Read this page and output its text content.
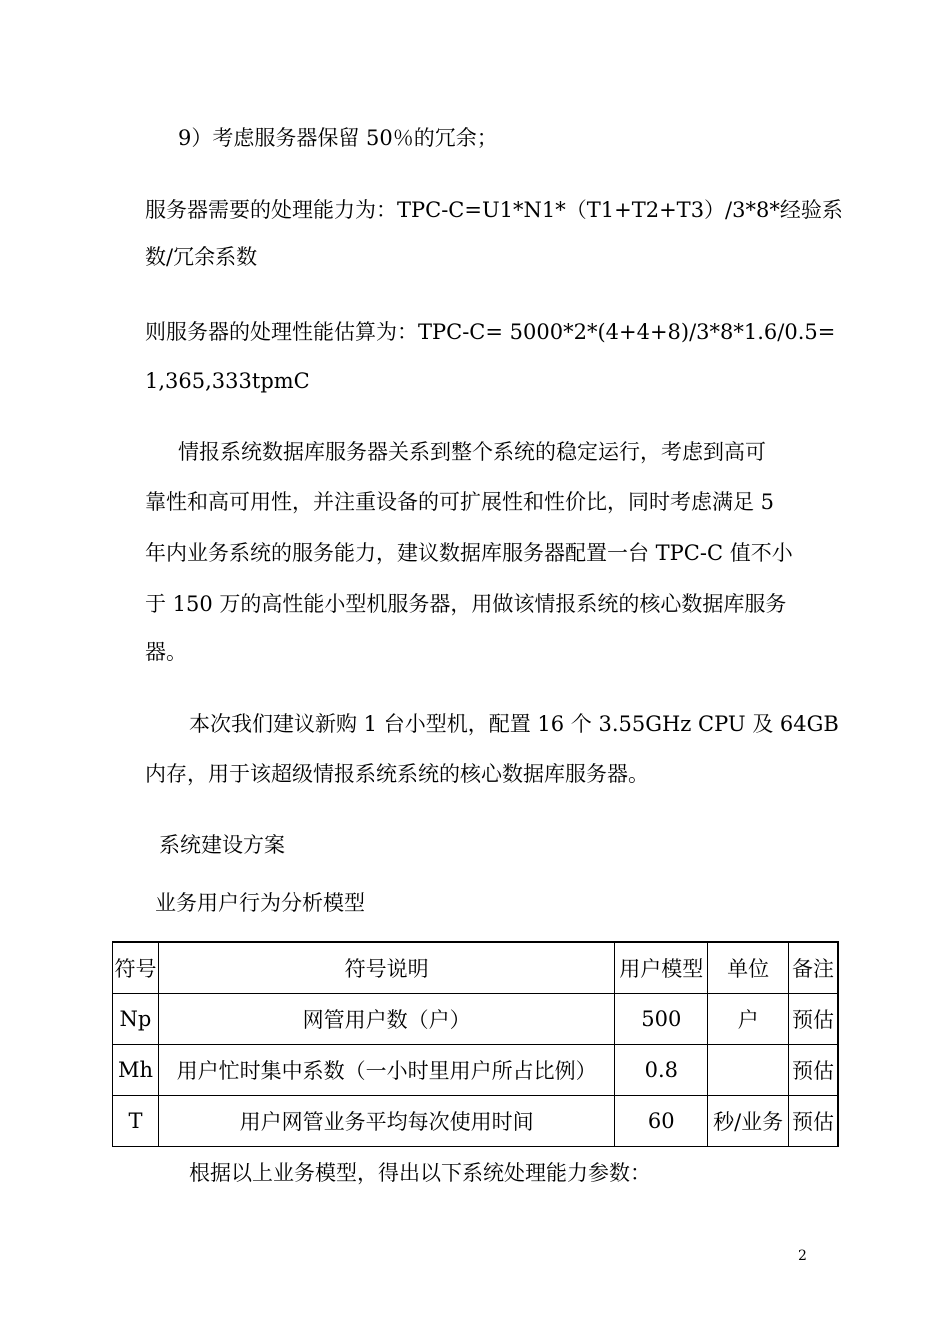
9）考虑服务器保留 50％的冗余；
服务器需要的处理能力为：TPC-C=U1*N1*（T1+T2+T3）/3*8*经验系
数/冗余系数
则服务器的处理性能估算为：TPC-C= 5000*2*(4+4+8)/3*8*1.6/0.5=
1,365,333tpmC
情报系统数据库服务器关系到整个系统的稳定运行，考虑到高可
靠性和高可用性，并注重设备的可扩展性和性价比，同时考虑满足 5
年内业务系统的服务能力，建议数据库服务器配置一台 TPC-C 值不小
于 150 万的高性能小型机服务器，用做该情报系统的核心数据库服务
器。
本次我们建议新购 1 台小型机，配置 16 个 3.55GHz CPU 及 64GB
内存，用于该超级情报系统系统的核心数据库服务器。
系统建设方案
业务用户行为分析模型
符号	符号说明	用户模型	单位	备注
Np	网管用户数（户）	500	户	预估
Mh	用户忙时集中系数（一小时里用户所占比例）	0.8		预估
T	用户网管业务平均每次使用时间	60	秒/业务	预估
根据以上业务模型，得出以下系统处理能力参数：
2
